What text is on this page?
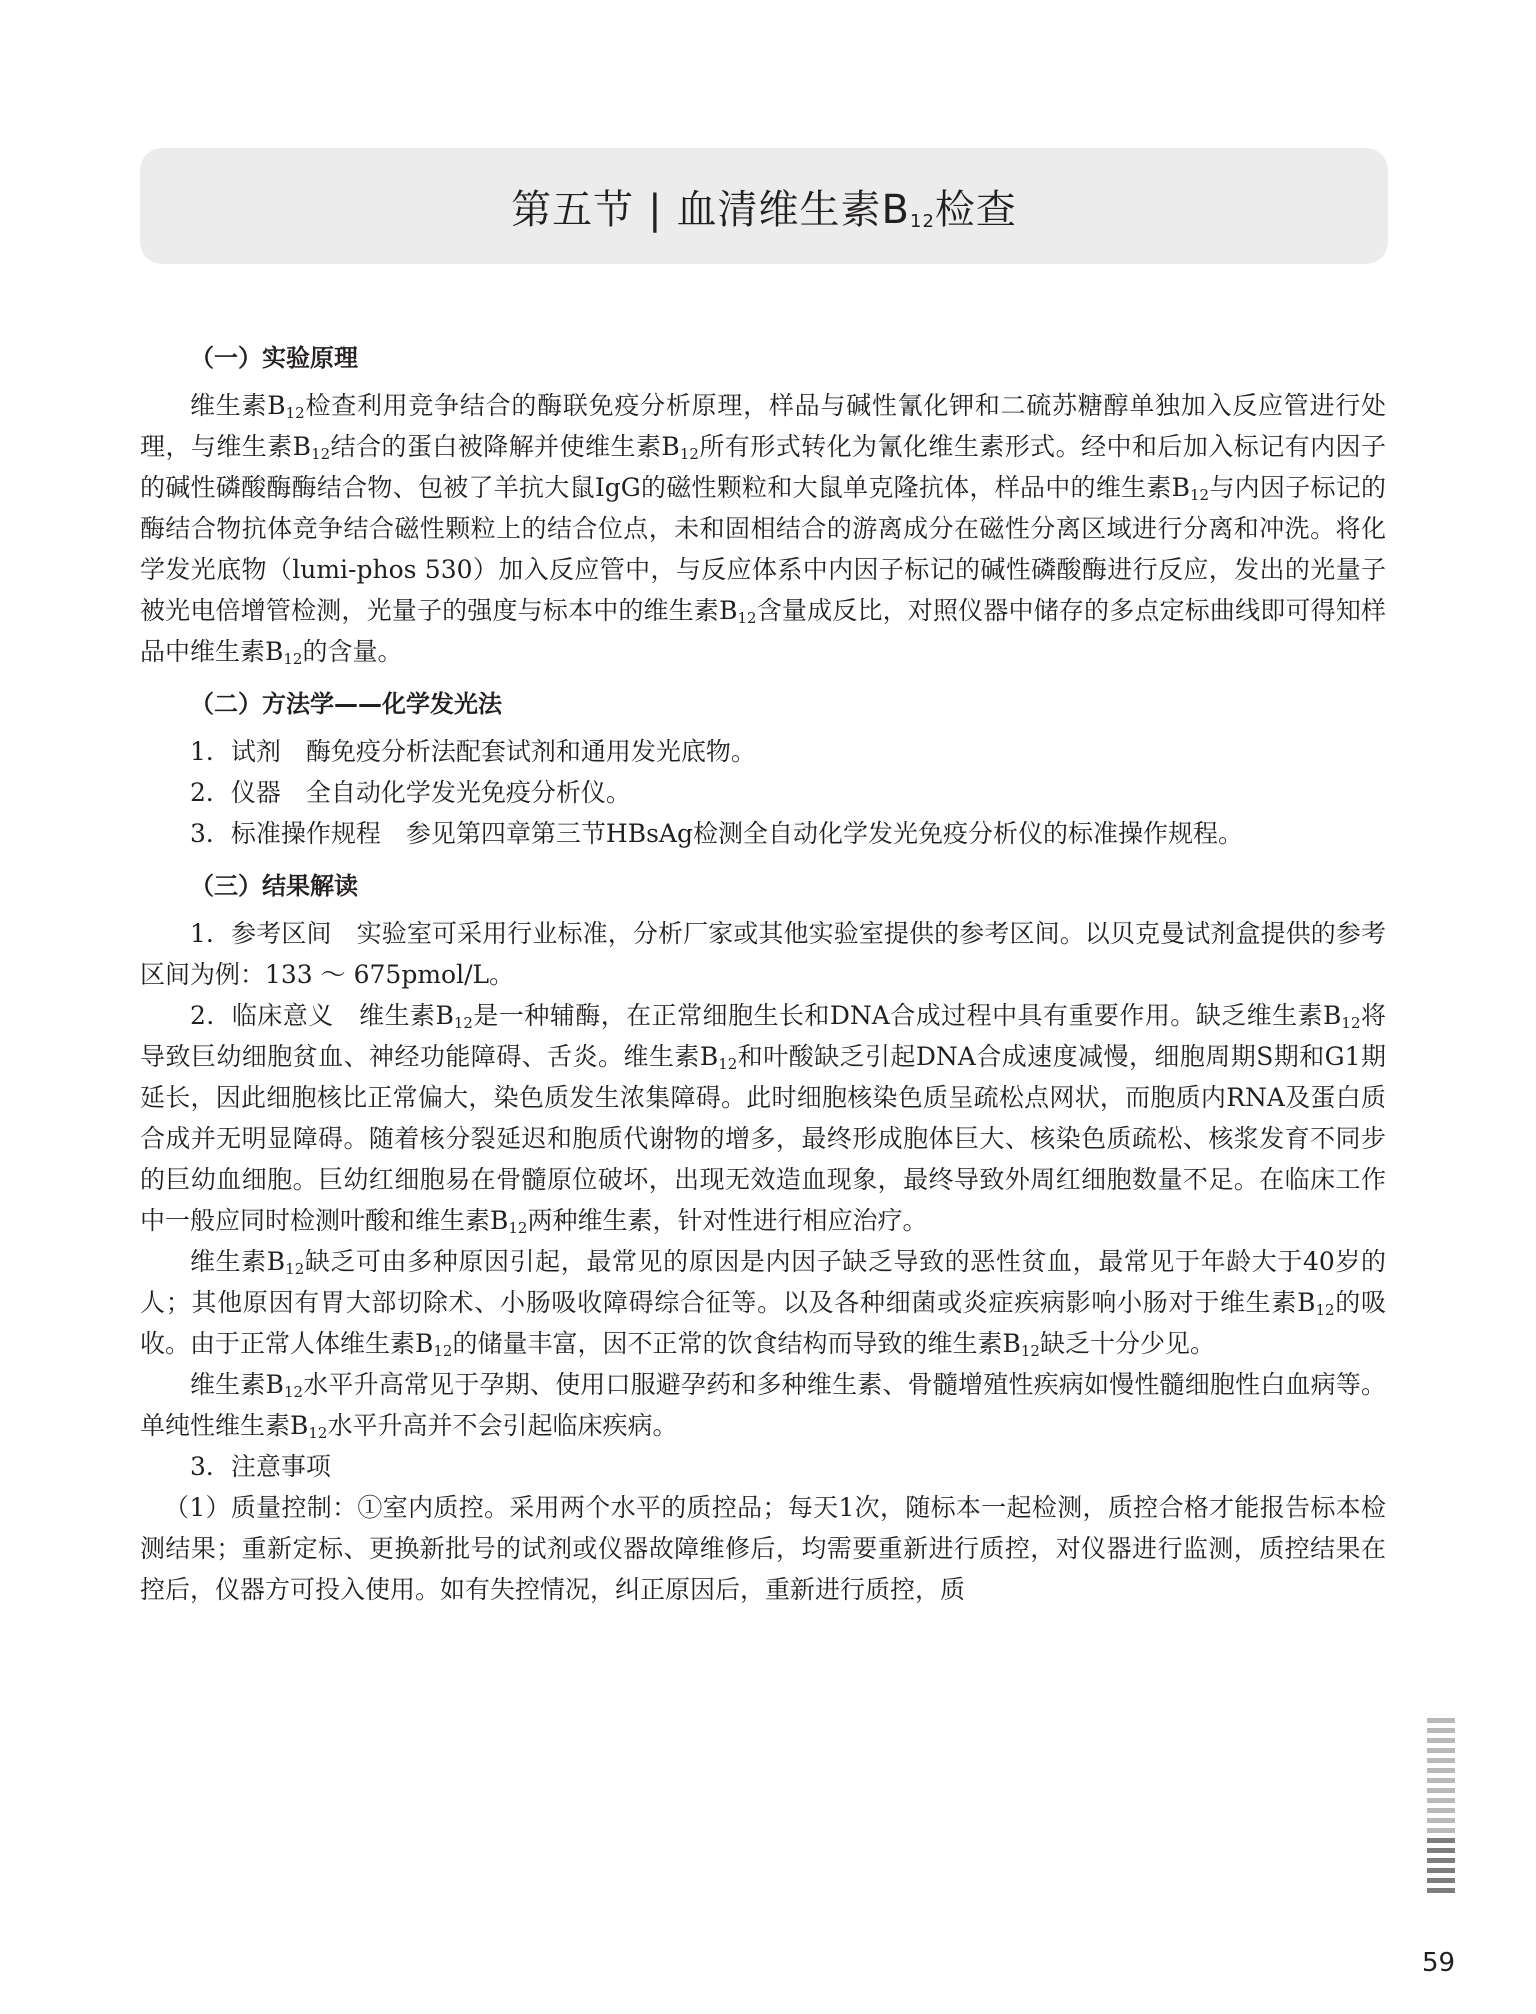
第五节 | 血清维生素$B_{12}$检查
（一）实验原理

维生素$B_{12}$检查利用竞争结合的酶联免疫分析原理，样品与碱性氰化钾和二硫苏糖醇单独加入反应管进行处理，与维生素$B_{12}$结合的蛋白被降解并使维生素$B_{12}$所有形式转化为氰化维生素形式。经中和后加入标记有内因子的碱性磷酸酶酶结合物、包被了羊抗大鼠IgG的磁性颗粒和大鼠单克隆抗体，样品中的维生素$B_{12}$与内因子标记的酶结合物抗体竞争结合磁性颗粒上的结合位点，未和固相结合的游离成分在磁性分离区域进行分离和冲洗。将化学发光底物（lumi-phos 530）加入反应管中，与反应体系中内因子标记的碱性磷酸酶进行反应，发出的光量子被光电倍增管检测，光量子的强度与标本中的维生素$B_{12}$含量成反比，对照仪器中储存的多点定标曲线即可得知样品中维生素$B_{12}$的含量。

（二）方法学——化学发光法

1．试剂　酶免疫分析法配套试剂和通用发光底物。

2．仪器　全自动化学发光免疫分析仪。

3．标准操作规程　参见第四章第三节HBsAg检测全自动化学发光免疫分析仪的标准操作规程。

（三）结果解读

1．参考区间　实验室可采用行业标准，分析厂家或其他实验室提供的参考区间。以贝克曼试剂盒提供的参考区间为例：133 ～ 675pmol/L。

2．临床意义　维生素$B_{12}$是一种辅酶，在正常细胞生长和DNA合成过程中具有重要作用。缺乏维生素$B_{12}$将导致巨幼细胞贫血、神经功能障碍、舌炎。维生素$B_{12}$和叶酸缺乏引起DNA合成速度减慢，细胞周期S期和G1期延长，因此细胞核比正常偏大，染色质发生浓集障碍。此时细胞核染色质呈疏松点网状，而胞质内RNA及蛋白质合成并无明显障碍。随着核分裂延迟和胞质代谢物的增多，最终形成胞体巨大、核染色质疏松、核浆发育不同步的巨幼血细胞。巨幼红细胞易在骨髓原位破坏，出现无效造血现象，最终导致外周红细胞数量不足。在临床工作中一般应同时检测叶酸和维生素$B_{12}$两种维生素，针对性进行相应治疗。

维生素$B_{12}$缺乏可由多种原因引起，最常见的原因是内因子缺乏导致的恶性贫血，最常见于年龄大于40岁的人；其他原因有胃大部切除术、小肠吸收障碍综合征等。以及各种细菌或炎症疾病影响小肠对于维生素$B_{12}$的吸收。由于正常人体维生素$B_{12}$的储量丰富，因不正常的饮食结构而导致的维生素$B_{12}$缺乏十分少见。

维生素$B_{12}$水平升高常见于孕期、使用口服避孕药和多种维生素、骨髓增殖性疾病如慢性髓细胞性白血病等。单纯性维生素$B_{12}$水平升高并不会引起临床疾病。

3．注意事项

（1）质量控制：①室内质控。采用两个水平的质控品；每天1次，随标本一起检测，质控合格才能报告标本检测结果；重新定标、更换新批号的试剂或仪器故障维修后，均需要重新进行质控，对仪器进行监测，质控结果在控后，仪器方可投入使用。如有失控情况，纠正原因后，重新进行质控，质

59
